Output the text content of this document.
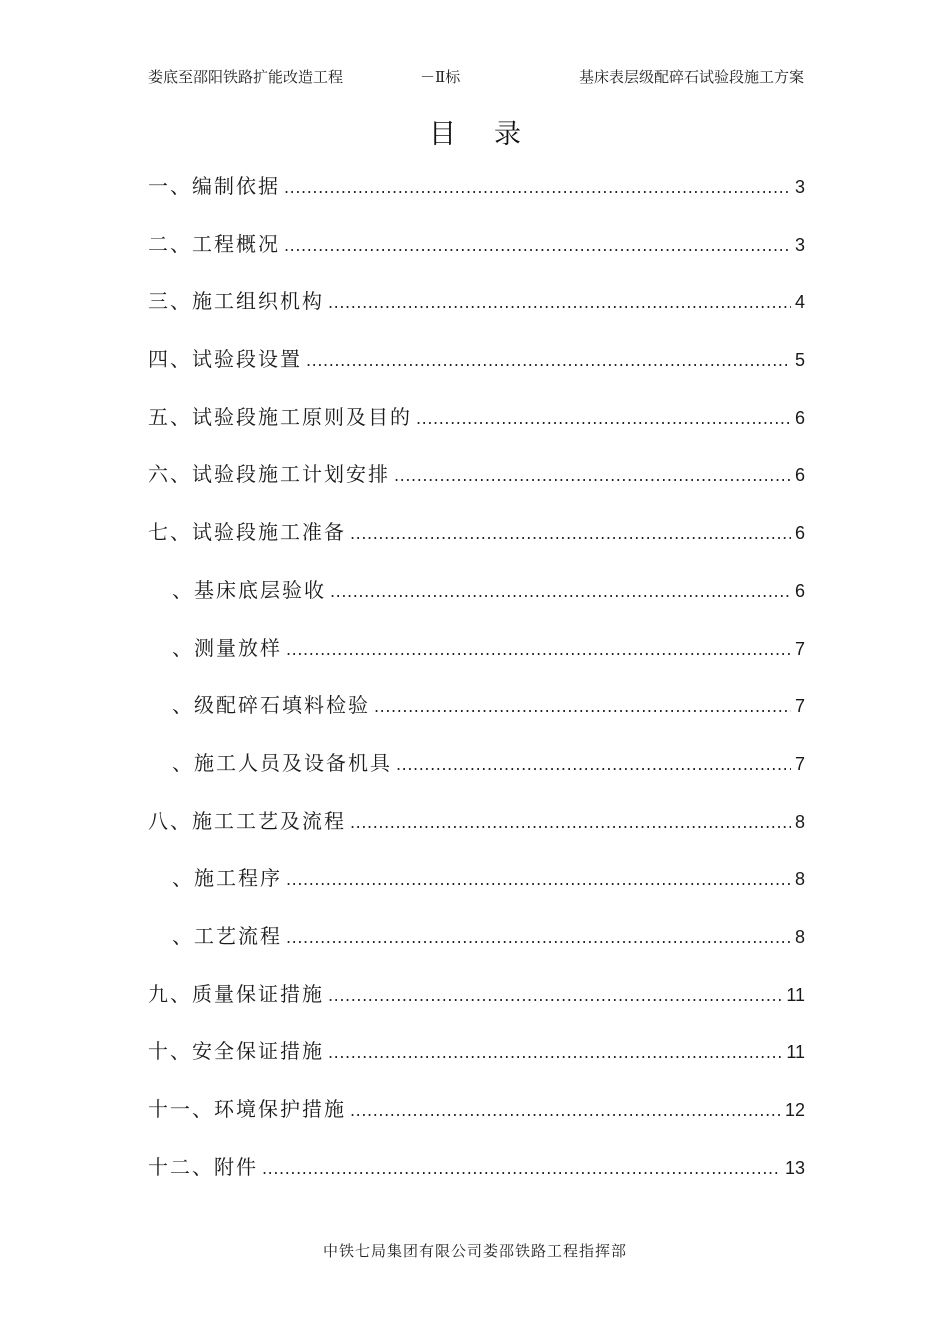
娄底至邵阳铁路扩能改造工程	－Ⅱ标	基床表层级配碎石试验段施工方案
目录
一、编制依据 .....	3
二、工程概况 .....	3
三、施工组织机构 .....	4
四、试验段设置 .....	5
五、试验段施工原则及目的 .....	6
六、试验段施工计划安排 .....	6
七、试验段施工准备 .....	6
、基床底层验收 .....	6
、测量放样 .....	7
、级配碎石填料检验 .....	7
、施工人员及设备机具 .....	7
八、施工工艺及流程 .....	8
、施工程序 .....	8
、工艺流程 .....	8
九、质量保证措施 .....	11
十、安全保证措施 .....	11
十一、环境保护措施 .....	12
十二、附件 .....	13
中铁七局集团有限公司娄邵铁路工程指挥部
